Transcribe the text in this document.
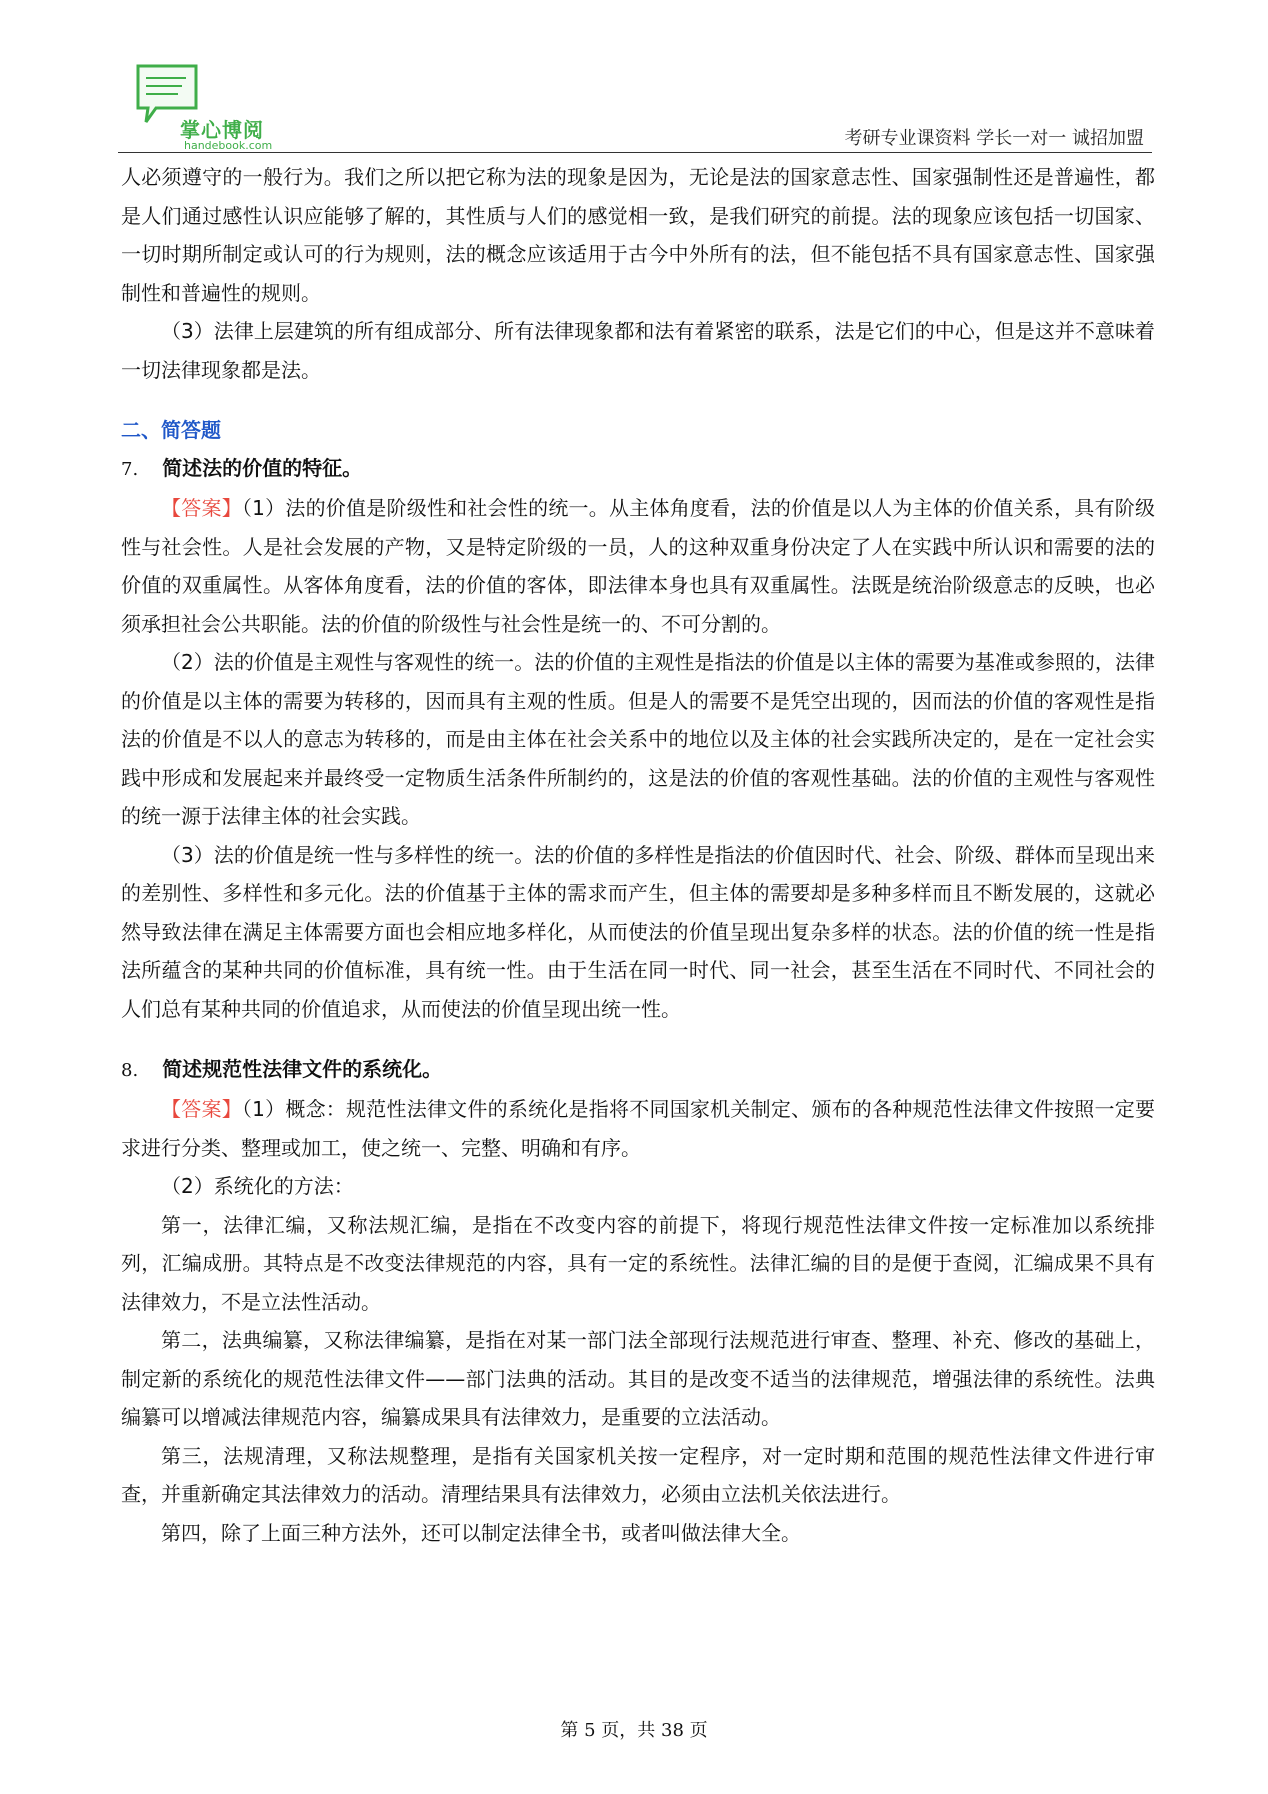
掌心博阅
handebook.com	考研专业课资料 学长一对一 诚招加盟

人必须遵守的一般行为。我们之所以把它称为法的现象是因为，无论是法的国家意志性、国家强制性还是普遍性，都是人们通过感性认识应能够了解的，其性质与人们的感觉相一致，是我们研究的前提。法的现象应该包括一切国家、一切时期所制定或认可的行为规则，法的概念应该适用于古今中外所有的法，但不能包括不具有国家意志性、国家强制性和普遍性的规则。

（3）法律上层建筑的所有组成部分、所有法律现象都和法有着紧密的联系，法是它们的中心，但是这并不意味着一切法律现象都是法。

二、简答题
7. 简述法的价值的特征。

【答案】（1）法的价值是阶级性和社会性的统一。从主体角度看，法的价值是以人为主体的价值关系，具有阶级性与社会性。人是社会发展的产物，又是特定阶级的一员，人的这种双重身份决定了人在实践中所认识和需要的法的价值的双重属性。从客体角度看，法的价值的客体，即法律本身也具有双重属性。法既是统治阶级意志的反映，也必须承担社会公共职能。法的价值的阶级性与社会性是统一的、不可分割的。

（2）法的价值是主观性与客观性的统一。法的价值的主观性是指法的价值是以主体的需要为基准或参照的，法律的价值是以主体的需要为转移的，因而具有主观的性质。但是人的需要不是凭空出现的，因而法的价值的客观性是指法的价值是不以人的意志为转移的，而是由主体在社会关系中的地位以及主体的社会实践所决定的，是在一定社会实践中形成和发展起来并最终受一定物质生活条件所制约的，这是法的价值的客观性基础。法的价值的主观性与客观性的统一源于法律主体的社会实践。

（3）法的价值是统一性与多样性的统一。法的价值的多样性是指法的价值因时代、社会、阶级、群体而呈现出来的差别性、多样性和多元化。法的价值基于主体的需求而产生，但主体的需要却是多种多样而且不断发展的，这就必然导致法律在满足主体需要方面也会相应地多样化，从而使法的价值呈现出复杂多样的状态。法的价值的统一性是指法所蕴含的某种共同的价值标准，具有统一性。由于生活在同一时代、同一社会，甚至生活在不同时代、不同社会的人们总有某种共同的价值追求，从而使法的价值呈现出统一性。

8. 简述规范性法律文件的系统化。

【答案】（1）概念：规范性法律文件的系统化是指将不同国家机关制定、颁布的各种规范性法律文件按照一定要求进行分类、整理或加工，使之统一、完整、明确和有序。

（2）系统化的方法：

第一，法律汇编，又称法规汇编，是指在不改变内容的前提下，将现行规范性法律文件按一定标准加以系统排列，汇编成册。其特点是不改变法律规范的内容，具有一定的系统性。法律汇编的目的是便于查阅，汇编成果不具有法律效力，不是立法性活动。

第二，法典编纂，又称法律编纂，是指在对某一部门法全部现行法规范进行审查、整理、补充、修改的基础上，制定新的系统化的规范性法律文件——部门法典的活动。其目的是改变不适当的法律规范，增强法律的系统性。法典编纂可以增减法律规范内容，编纂成果具有法律效力，是重要的立法活动。

第三，法规清理，又称法规整理，是指有关国家机关按一定程序，对一定时期和范围的规范性法律文件进行审查，并重新确定其法律效力的活动。清理结果具有法律效力，必须由立法机关依法进行。

第四，除了上面三种方法外，还可以制定法律全书，或者叫做法律大全。

第 5 页，共 38 页
